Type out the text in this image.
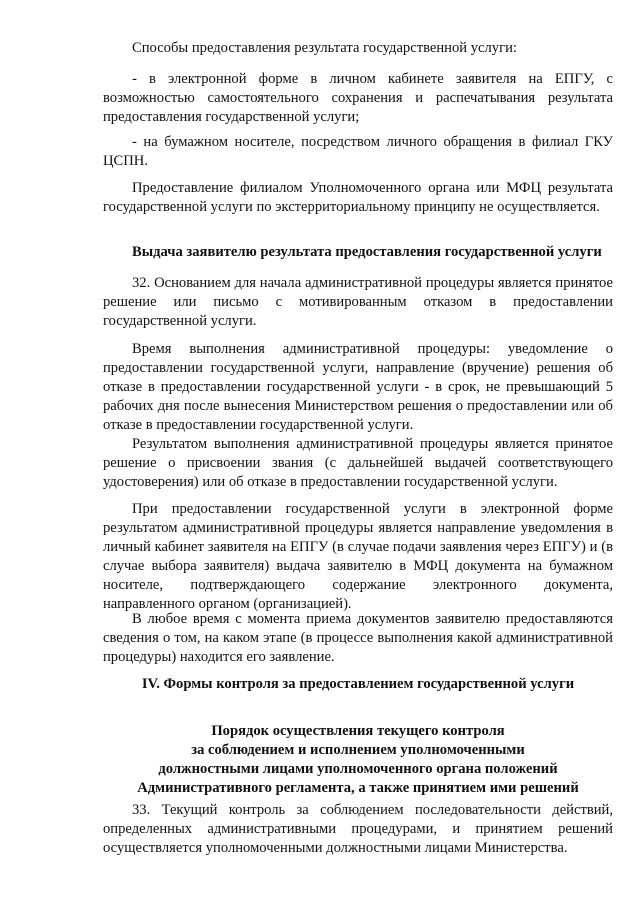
Способы предоставления результата государственной услуги:

- в электронной форме в личном кабинете заявителя на ЕПГУ, с возможностью самостоятельного сохранения и распечатывания результата предоставления государственной услуги;

- на бумажном носителе, посредством личного обращения в филиал ГКУ ЦСПН.

Предоставление филиалом Уполномоченного органа или МФЦ результата государственной услуги по экстерриториальному принципу не осуществляется.

Выдача заявителю результата предоставления государственной услуги

32. Основанием для начала административной процедуры является принятое решение или письмо с мотивированным отказом в предоставлении государственной услуги.

Время выполнения административной процедуры: уведомление о предоставлении государственной услуги, направление (вручение) решения об отказе в предоставлении государственной услуги - в срок, не превышающий 5 рабочих дня после вынесения Министерством решения о предоставлении или об отказе в предоставлении государственной услуги.

Результатом выполнения административной процедуры является принятое решение о присвоении звания (с дальнейшей выдачей соответствующего удостоверения) или об отказе в предоставлении государственной услуги.

При предоставлении государственной услуги в электронной форме результатом административной процедуры является направление уведомления в личный кабинет заявителя на ЕПГУ (в случае подачи заявления через ЕПГУ) и (в случае выбора заявителя) выдача заявителю в МФЦ документа на бумажном носителе, подтверждающего содержание электронного документа, направленного органом (организацией).

В любое время с момента приема документов заявителю предоставляются сведения о том, на каком этапе (в процессе выполнения какой административной процедуры) находится его заявление.

IV. Формы контроля за предоставлением государственной услуги

Порядок осуществления текущего контроля
за соблюдением и исполнением уполномоченными
должностными лицами уполномоченного органа положений
Административного регламента, а также принятием ими решений

33. Текущий контроль за соблюдением последовательности действий, определенных административными процедурами, и принятием решений осуществляется уполномоченными должностными лицами Министерства.
